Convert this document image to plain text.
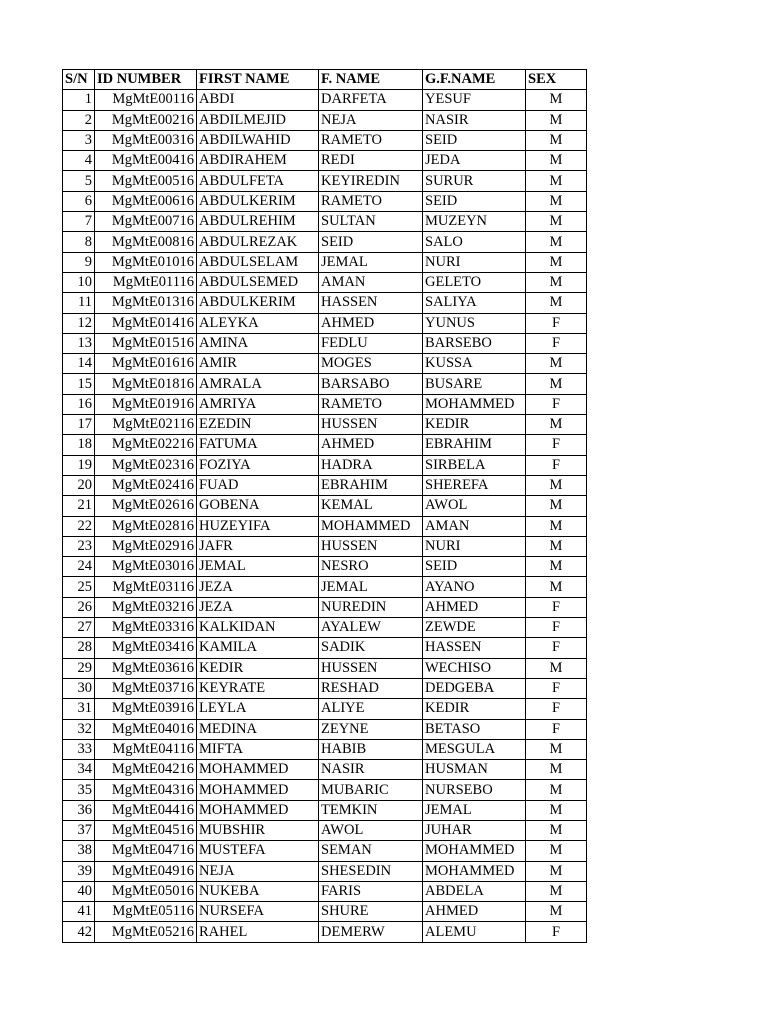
S/N	ID NUMBER	FIRST NAME	F. NAME	G.F.NAME	SEX
1	MgMtE00116	ABDI	DARFETA	YESUF	M
2	MgMtE00216	ABDILMEJID	NEJA	NASIR	M
3	MgMtE00316	ABDILWAHID	RAMETO	SEID	M
4	MgMtE00416	ABDIRAHEM	REDI	JEDA	M
5	MgMtE00516	ABDULFETA	KEYIREDIN	SURUR	M
6	MgMtE00616	ABDULKERIM	RAMETO	SEID	M
7	MgMtE00716	ABDULREHIM	SULTAN	MUZEYN	M
8	MgMtE00816	ABDULREZAK	SEID	SALO	M
9	MgMtE01016	ABDULSELAM	JEMAL	NURI	M
10	MgMtE01116	ABDULSEMED	AMAN	GELETO	M
11	MgMtE01316	ABDULKERIM	HASSEN	SALIYA	M
12	MgMtE01416	ALEYKA	AHMED	YUNUS	F
13	MgMtE01516	AMINA	FEDLU	BARSEBO	F
14	MgMtE01616	AMIR	MOGES	KUSSA	M
15	MgMtE01816	AMRALA	BARSABO	BUSARE	M
16	MgMtE01916	AMRIYA	RAMETO	MOHAMMED	F
17	MgMtE02116	EZEDIN	HUSSEN	KEDIR	M
18	MgMtE02216	FATUMA	AHMED	EBRAHIM	F
19	MgMtE02316	FOZIYA	HADRA	SIRBELA	F
20	MgMtE02416	FUAD	EBRAHIM	SHEREFA	M
21	MgMtE02616	GOBENA	KEMAL	AWOL	M
22	MgMtE02816	HUZEYIFA	MOHAMMED	AMAN	M
23	MgMtE02916	JAFR	HUSSEN	NURI	M
24	MgMtE03016	JEMAL	NESRO	SEID	M
25	MgMtE03116	JEZA	JEMAL	AYANO	M
26	MgMtE03216	JEZA	NUREDIN	AHMED	F
27	MgMtE03316	KALKIDAN	AYALEW	ZEWDE	F
28	MgMtE03416	KAMILA	SADIK	HASSEN	F
29	MgMtE03616	KEDIR	HUSSEN	WECHISO	M
30	MgMtE03716	KEYRATE	RESHAD	DEDGEBA	F
31	MgMtE03916	LEYLA	ALIYE	KEDIR	F
32	MgMtE04016	MEDINA	ZEYNE	BETASO	F
33	MgMtE04116	MIFTA	HABIB	MESGULA	M
34	MgMtE04216	MOHAMMED	NASIR	HUSMAN	M
35	MgMtE04316	MOHAMMED	MUBARIC	NURSEBO	M
36	MgMtE04416	MOHAMMED	TEMKIN	JEMAL	M
37	MgMtE04516	MUBSHIR	AWOL	JUHAR	M
38	MgMtE04716	MUSTEFA	SEMAN	MOHAMMED	M
39	MgMtE04916	NEJA	SHESEDIN	MOHAMMED	M
40	MgMtE05016	NUKEBA	FARIS	ABDELA	M
41	MgMtE05116	NURSEFA	SHURE	AHMED	M
42	MgMtE05216	RAHEL	DEMERW	ALEMU	F
